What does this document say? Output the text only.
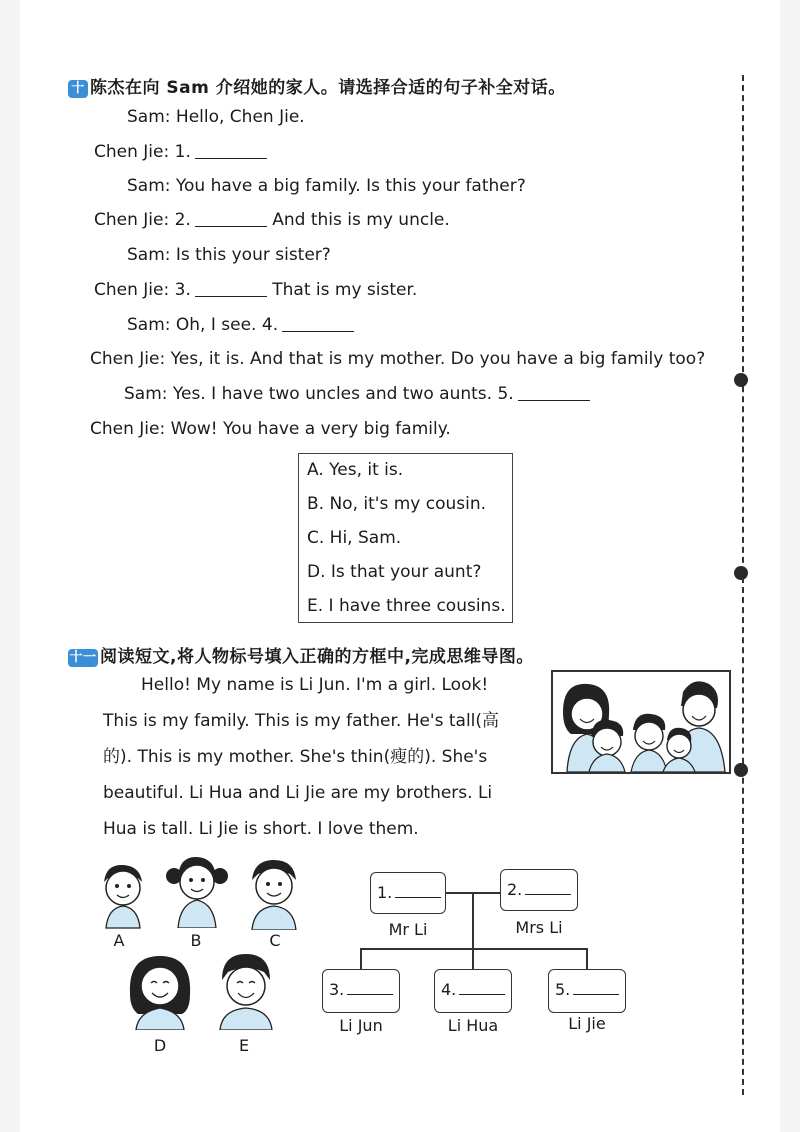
十 陈杰在向 Sam 介绍她的家人。请选择合适的句子补全对话。
Sam: Hello, Chen Jie.
Chen Jie: 1.
Sam: You have a big family. Is this your father?
Chen Jie: 2.	And this is my uncle.
Sam: Is this your sister?
Chen Jie: 3.	That is my sister.
Sam: Oh, I see. 4.
Chen Jie: Yes, it is. And that is my mother. Do you have a big family too?
Sam: Yes. I have two uncles and two aunts. 5.
Chen Jie: Wow! You have a very big family.
A. Yes, it is.
B. No, it's my cousin.
C. Hi, Sam.
D. Is that your aunt?
E. I have three cousins.
十一 阅读短文,将人物标号填入正确的方框中,完成思维导图。
Hello! My name is Li Jun. I'm a girl. Look!
This is my family. This is my father. He's tall(高
的). This is my mother. She's thin(瘦的). She's
beautiful. Li Hua and Li Jie are my brothers. Li
Hua is tall. Li Jie is short. I love them.
A	B	C
D	E
1.
Mr Li
2.
Mrs Li
3.
Li Jun
4.
Li Hua
5.
Li Jie
